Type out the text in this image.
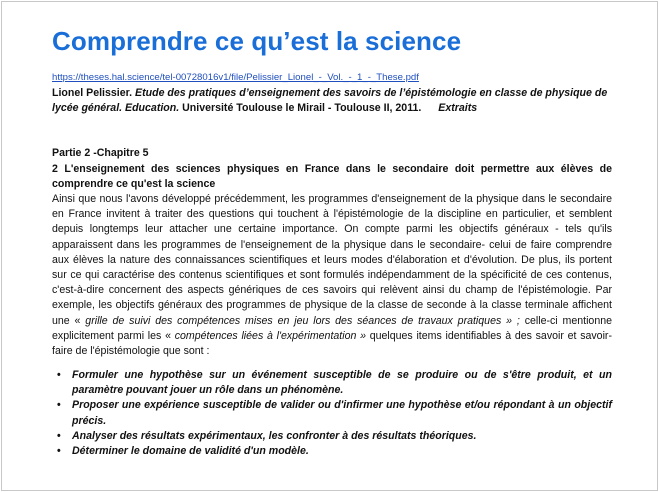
Comprendre ce qu’est la science
https://theses.hal.science/tel-00728016v1/file/Pelissier_Lionel_-_Vol._-_1_-_These.pdf
Lionel Pelissier. Etude des pratiques d’enseignement des savoirs de l’épistémologie en classe de physique de lycée général. Education. Université Toulouse le Mirail - Toulouse II, 2011. Extraits
Partie 2 -Chapitre 5
2 L'enseignement des sciences physiques en France dans le secondaire doit permettre aux élèves de comprendre ce qu'est la science
Ainsi que nous l'avons développé précédemment, les programmes d'enseignement de la physique dans le secondaire en France invitent à traiter des questions qui touchent à l'épistémologie de la discipline en particulier, et semblent depuis longtemps leur attacher une certaine importance. On compte parmi les objectifs généraux - tels qu'ils apparaissent dans les programmes de l'enseignement de la physique dans le secondaire- celui de faire comprendre aux élèves la nature des connaissances scientifiques et leurs modes d'élaboration et d'évolution. De plus, ils portent sur ce qui caractérise des contenus scientifiques et sont formulés indépendamment de la spécificité de ces contenus, c'est-à-dire concernent des aspects génériques de ces savoirs qui relèvent ainsi du champ de l'épistémologie. Par exemple, les objectifs généraux des programmes de physique de la classe de seconde à la classe terminale affichent une « grille de suivi des compétences mises en jeu lors des séances de travaux pratiques » ; celle-ci mentionne explicitement parmi les « compétences liées à l'expérimentation » quelques items identifiables à des savoir et savoir-faire de l'épistémologie que sont :
• Formuler une hypothèse sur un événement susceptible de se produire ou de s'être produit, et un paramètre pouvant jouer un rôle dans un phénomène.
• Proposer une expérience susceptible de valider ou d'infirmer une hypothèse et/ou répondant à un objectif précis.
• Analyser des résultats expérimentaux, les confronter à des résultats théoriques.
• Déterminer le domaine de validité d'un modèle.
